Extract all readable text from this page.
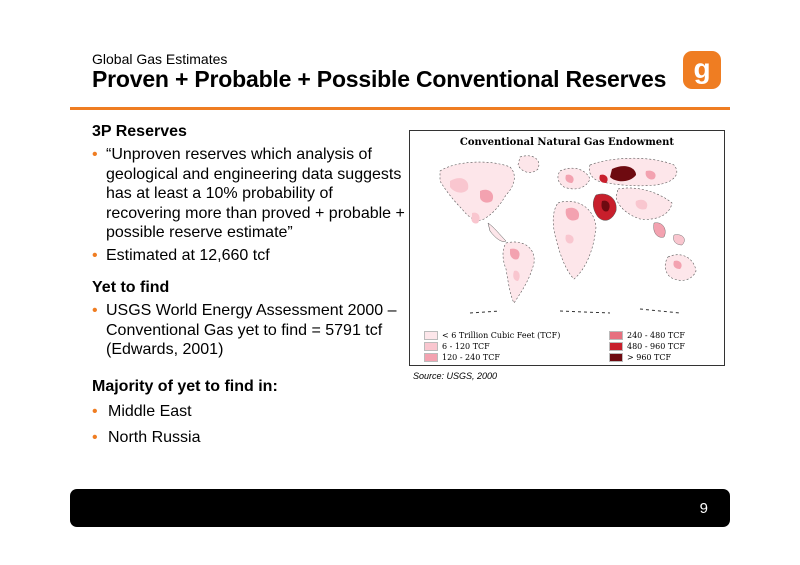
Global Gas Estimates
Proven + Probable + Possible Conventional Reserves g
3P Reserves
• “Unproven reserves which analysis of geological and engineering data suggests has at least a 10% probability of recovering more than proved + probable + possible reserve estimate”
• Estimated at 12,660 tcf
Yet to find
• USGS World Energy Assessment 2000 – Conventional Gas yet to find = 5791 tcf (Edwards, 2001)
Majority of yet to find in:
• Middle East
• North Russia
Conventional Natural Gas Endowment
< 6 Trillion Cubic Feet (TCF)
6 - 120 TCF
120 - 240 TCF
240 - 480 TCF
480 - 960 TCF
> 960 TCF
Source: USGS, 2000
9
